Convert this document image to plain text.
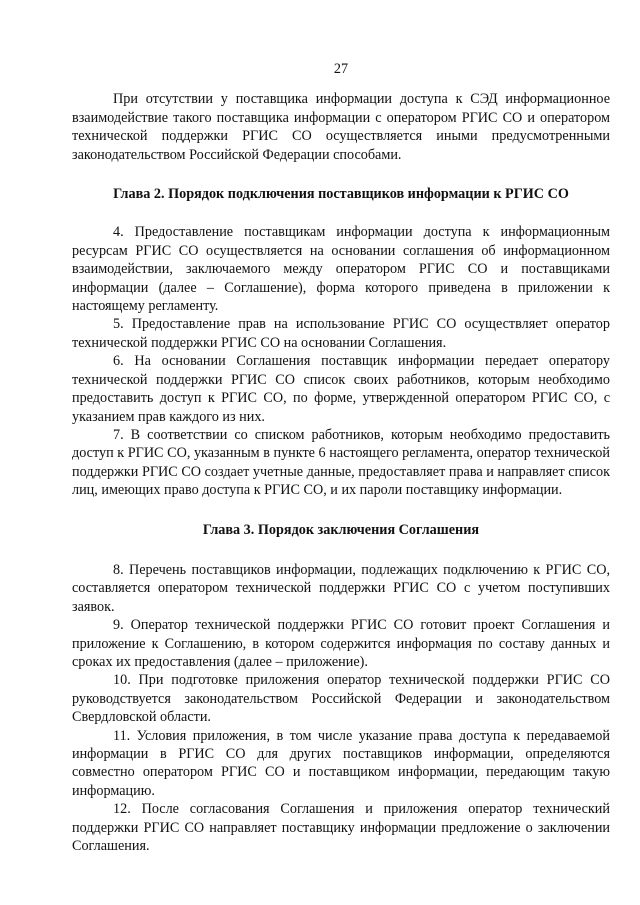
27

При отсутствии у поставщика информации доступа к СЭД информационное взаимодействие такого поставщика информации с оператором РГИС СО и оператором технической поддержки РГИС СО осуществляется иными предусмотренными законодательством Российской Федерации способами.

Глава 2. Порядок подключения поставщиков информации к РГИС СО

4. Предоставление поставщикам информации доступа к информационным ресурсам РГИС СО осуществляется на основании соглашения об информационном взаимодействии, заключаемого между оператором РГИС СО и поставщиками информации (далее – Соглашение), форма которого приведена в приложении к настоящему регламенту.

5. Предоставление прав на использование РГИС СО осуществляет оператор технической поддержки РГИС СО на основании Соглашения.

6. На основании Соглашения поставщик информации передает оператору технической поддержки РГИС СО список своих работников, которым необходимо предоставить доступ к РГИС СО, по форме, утвержденной оператором РГИС СО, с указанием прав каждого из них.

7. В соответствии со списком работников, которым необходимо предоставить доступ к РГИС СО, указанным в пункте 6 настоящего регламента, оператор технической поддержки РГИС СО создает учетные данные, предоставляет права и направляет список лиц, имеющих право доступа к РГИС СО, и их пароли поставщику информации.

Глава 3. Порядок заключения Соглашения

8. Перечень поставщиков информации, подлежащих подключению к РГИС СО, составляется оператором технической поддержки РГИС СО с учетом поступивших заявок.

9. Оператор технической поддержки РГИС СО готовит проект Соглашения и приложение к Соглашению, в котором содержится информация по составу данных и сроках их предоставления (далее – приложение).

10. При подготовке приложения оператор технической поддержки РГИС СО руководствуется законодательством Российской Федерации и законодательством Свердловской области.

11. Условия приложения, в том числе указание права доступа к передаваемой информации в РГИС СО для других поставщиков информации, определяются совместно оператором РГИС СО и поставщиком информации, передающим такую информацию.

12. После согласования Соглашения и приложения оператор технический поддержки РГИС СО направляет поставщику информации предложение о заключении Соглашения.
